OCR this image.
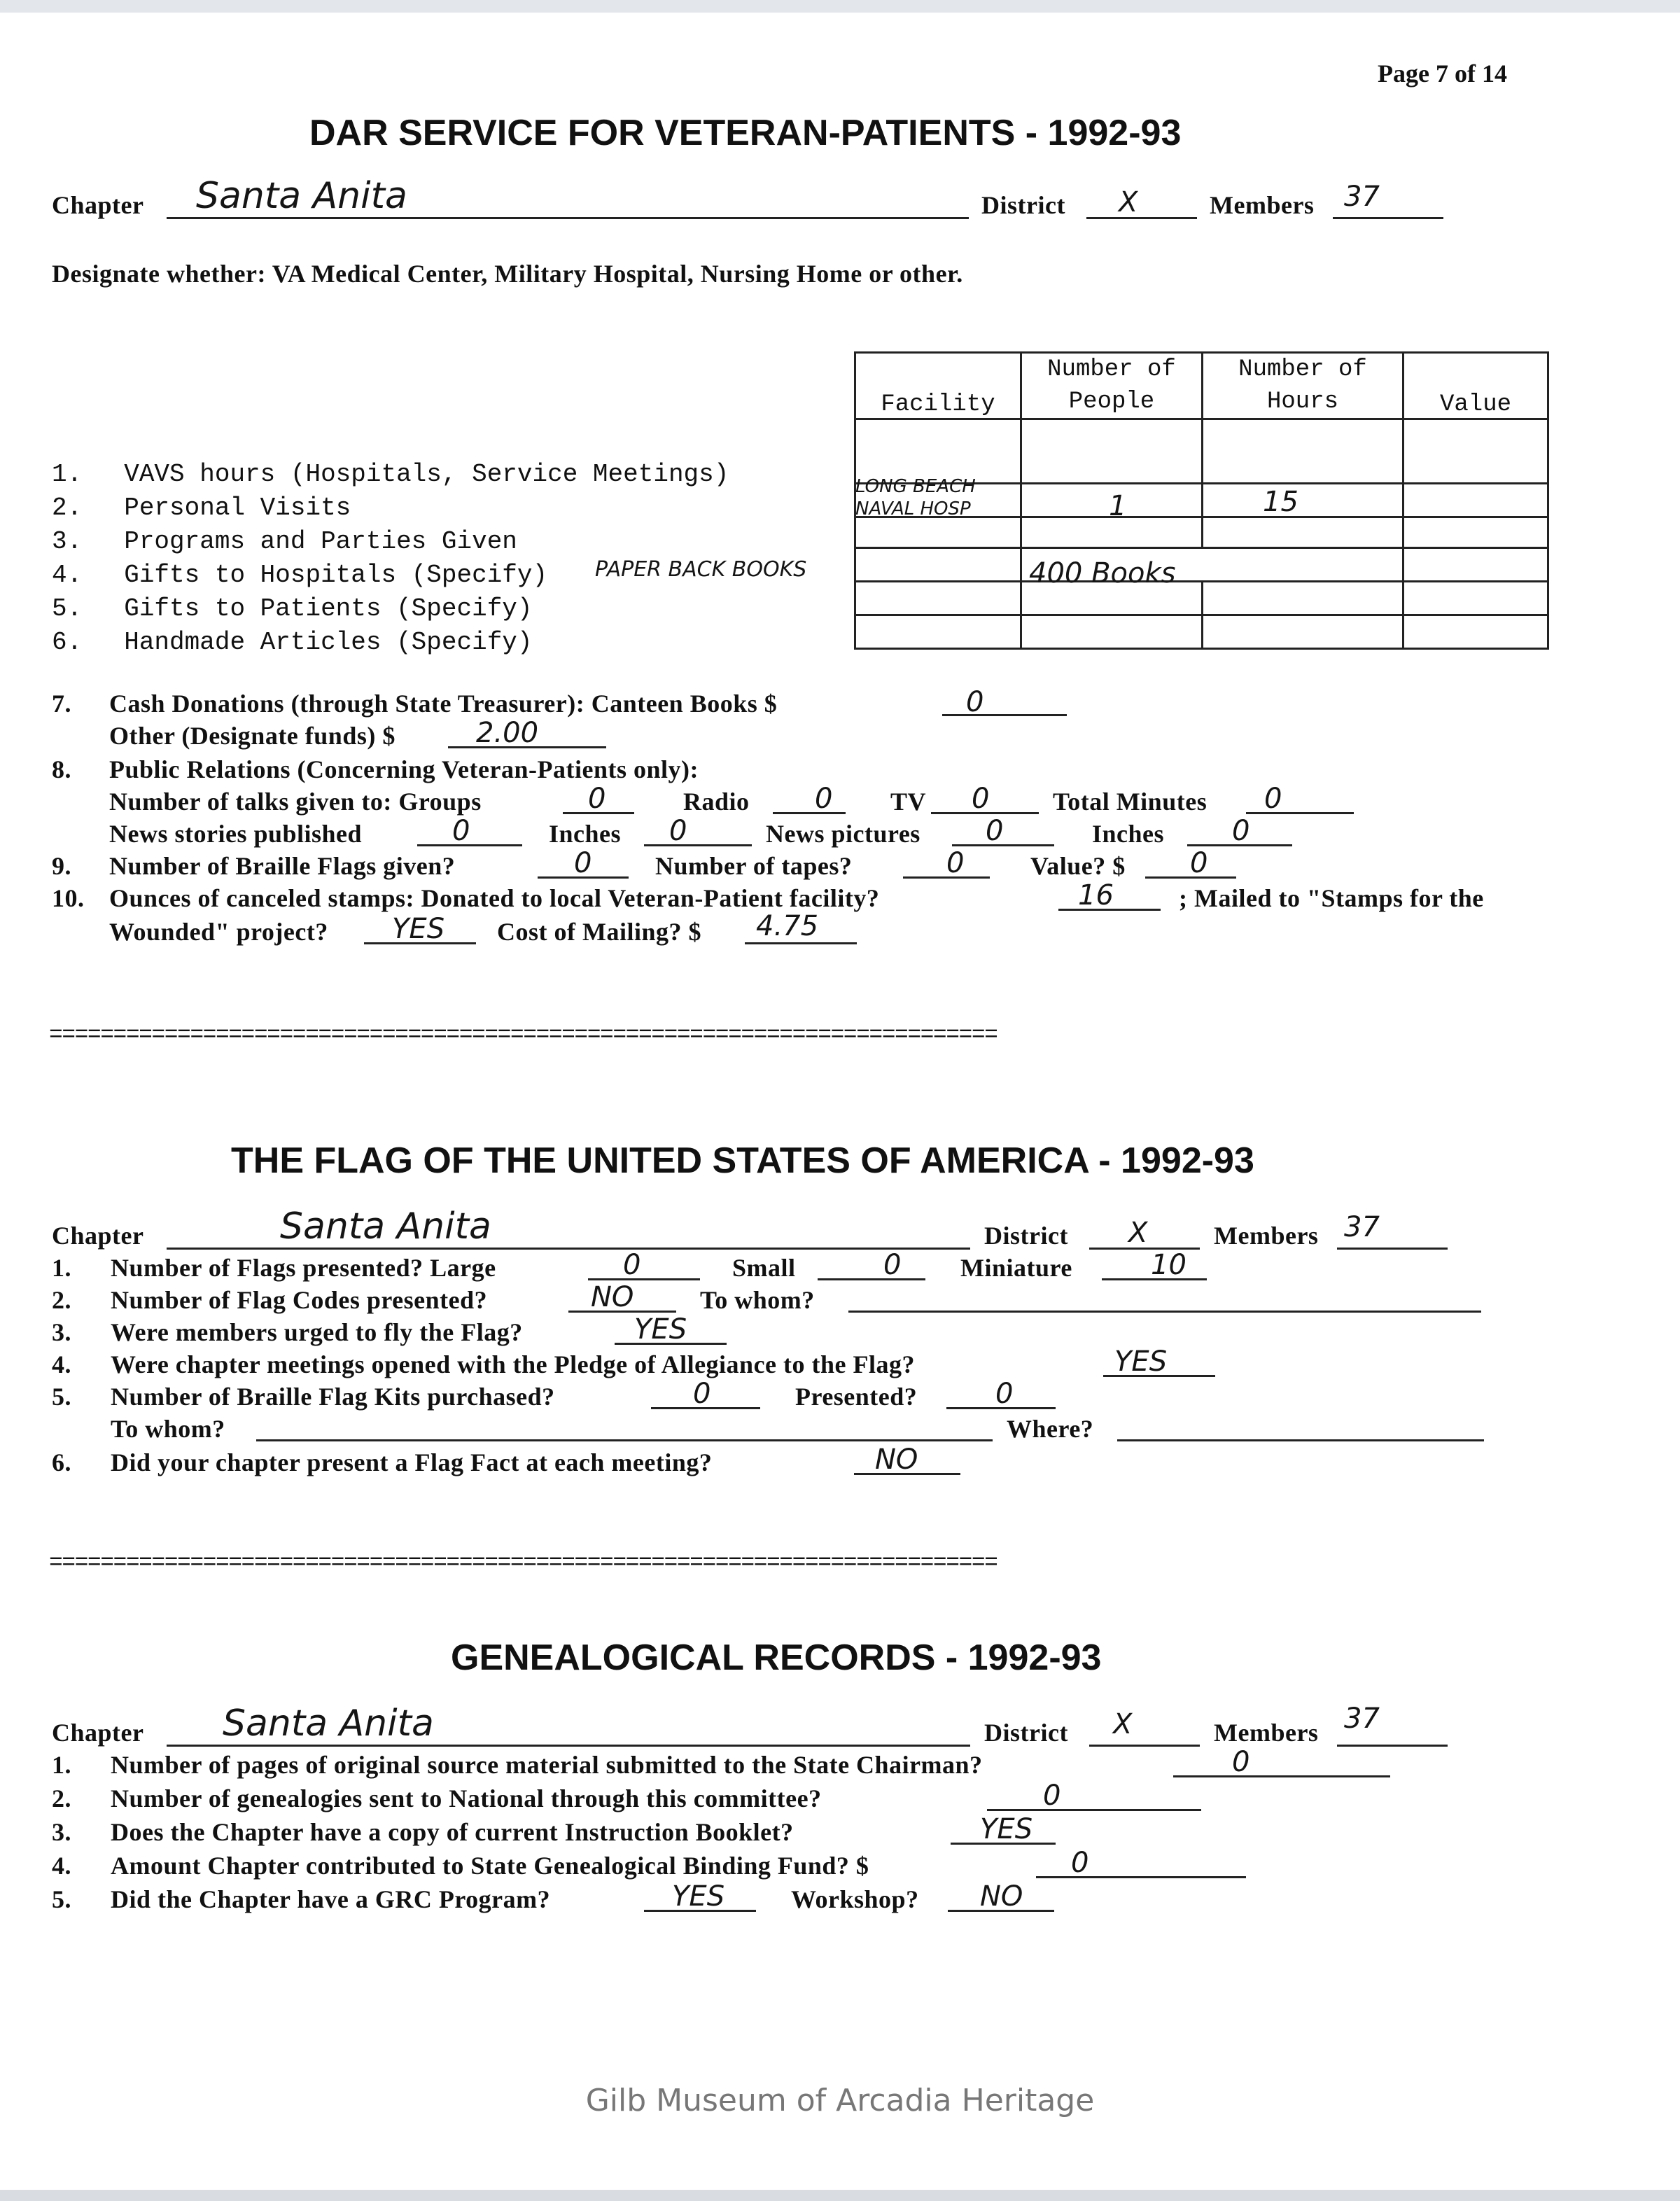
Page 7 of 14
DAR SERVICE FOR VETERAN-PATIENTS - 1992-93
Chapter Santa Anita	District X	Members 37
Designate whether: VA Medical Center, Military Hospital, Nursing Home or other.
Facility	Number of People	Number of Hours	Value

LONG BEACH
NAVAL HOSP	1	15
400 Books
1. VAVS hours (Hospitals, Service Meetings)
2. Personal Visits
3. Programs and Parties Given
4. Gifts to Hospitals (Specify)
5. Gifts to Patients (Specify)
6. Handmade Articles (Specify)
PAPER BACK BOOKS
7. Cash Donations (through State Treasurer): Canteen Books $	0
Other (Designate funds) $	2.00
8. Public Relations (Concerning Veteran-Patients only):
Number of talks given to: Groups	0	Radio 0 TV 0	Total Minutes 0
News stories published	0	Inches 0	News pictures 0	Inches 0
9. Number of Braille Flags given?	0	Number of tapes?	0	Value? $ 0
10. Ounces of canceled stamps: Donated to local Veteran-Patient facility?	16	; Mailed to "Stamps for the
Wounded" project? YES Cost of Mailing? $ 4.75
==========================================================================
THE FLAG OF THE UNITED STATES OF AMERICA - 1992-93
Chapter	Santa Anita	District X	Members 37
1. Number of Flags presented? Large	0	Small	0 Miniature	10
2. Number of Flag Codes presented?	NO	To whom?
3. Were members urged to fly the Flag?	YES
4. Were chapter meetings opened with the Pledge of Allegiance to the Flag?	YES
5. Number of Braille Flag Kits purchased?	0	Presented?	0
To whom?	Where?
6. Did your chapter present a Flag Fact at each meeting?	NO
==========================================================================
GENEALOGICAL RECORDS - 1992-93
Chapter Santa Anita	District X	Members 37
1. Number of pages of original source material submitted to the State Chairman?	0
2. Number of genealogies sent to National through this committee?	0
3. Does the Chapter have a copy of current Instruction Booklet?	YES
4. Amount Chapter contributed to State Genealogical Binding Fund? $	0
5. Did the Chapter have a GRC Program?	YES	Workshop? NO
Gilb Museum of Arcadia Heritage
